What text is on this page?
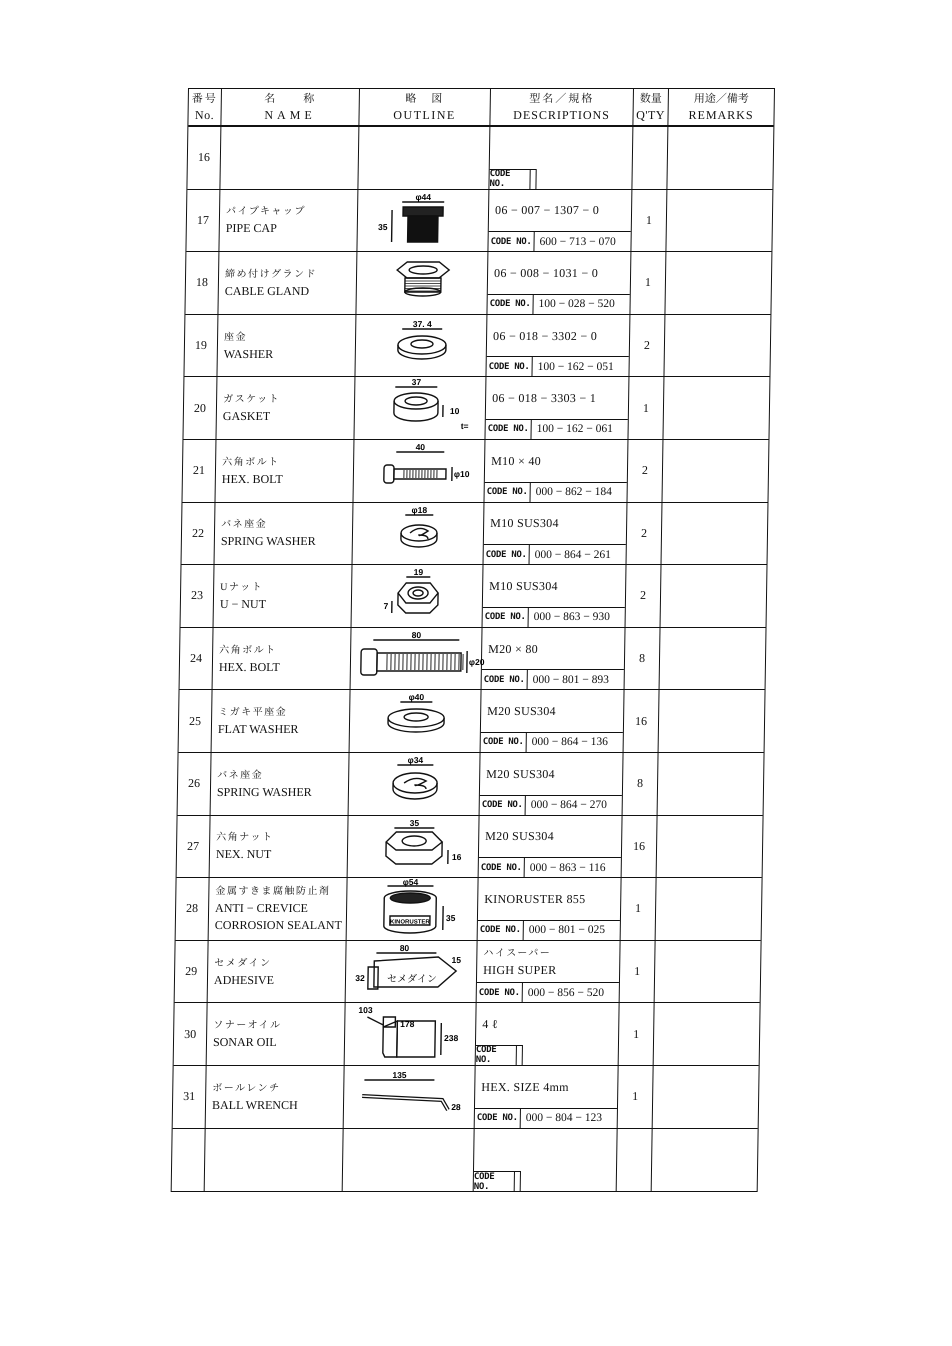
番号
No.
名　　称
NAME
略　図
OUTLINE
型名／規格
DESCRIPTIONS
数量
Q'TY
用途／備考
REMARKS
16
CODE NO.
17
パイプキャップ
PIPE CAP
φ44
35
06 − 007 − 1307 − 0
CODE NO. 600 − 713 − 070
1
18
締め付けグランド
CABLE GLAND
06 − 008 − 1031 − 0
CODE NO. 100 − 028 − 520
1
19
座金
WASHER
37. 4
06 − 018 − 3302 − 0
CODE NO. 100 − 162 − 051
2
20
ガスケット
GASKET
37
10
t=
06 − 018 − 3303 − 1
CODE NO. 100 − 162 − 061
1
21
六角ボルト
HEX. BOLT
40
φ10
M10 × 40
CODE NO. 000 − 862 − 184
2
22
バネ座金
SPRING WASHER
φ18
M10 SUS304
CODE NO. 000 − 864 − 261
2
23
Uナット
U − NUT
19
7
M10 SUS304
CODE NO. 000 − 863 − 930
2
24
六角ボルト
HEX. BOLT
80
φ20
M20 × 80
CODE NO. 000 − 801 − 893
8
25
ミガキ平座金
FLAT WASHER
φ40
M20 SUS304
CODE NO. 000 − 864 − 136
16
26
バネ座金
SPRING WASHER
φ34
M20 SUS304
CODE NO. 000 − 864 − 270
8
27
六角ナット
NEX. NUT
35
16
M20 SUS304
CODE NO. 000 − 863 − 116
16
28
金属すきま腐触防止剤
ANTI − CREVICE
CORROSION SEALANT
φ54
KINORUSTER 35
KINORUSTER 855
CODE NO. 000 − 801 − 025
1
29
セメダイン
ADHESIVE
80
15
32 セメダイン
ハイスーパー
HIGH SUPER
CODE NO. 000 − 856 − 520
1
30
ソナーオイル
SONAR OIL
103
178
238
4 ℓ
CODE NO.
1
31
ボールレンチ
BALL WRENCH
135
28
HEX. SIZE 4mm
CODE NO. 000 − 804 − 123
1
CODE NO.
